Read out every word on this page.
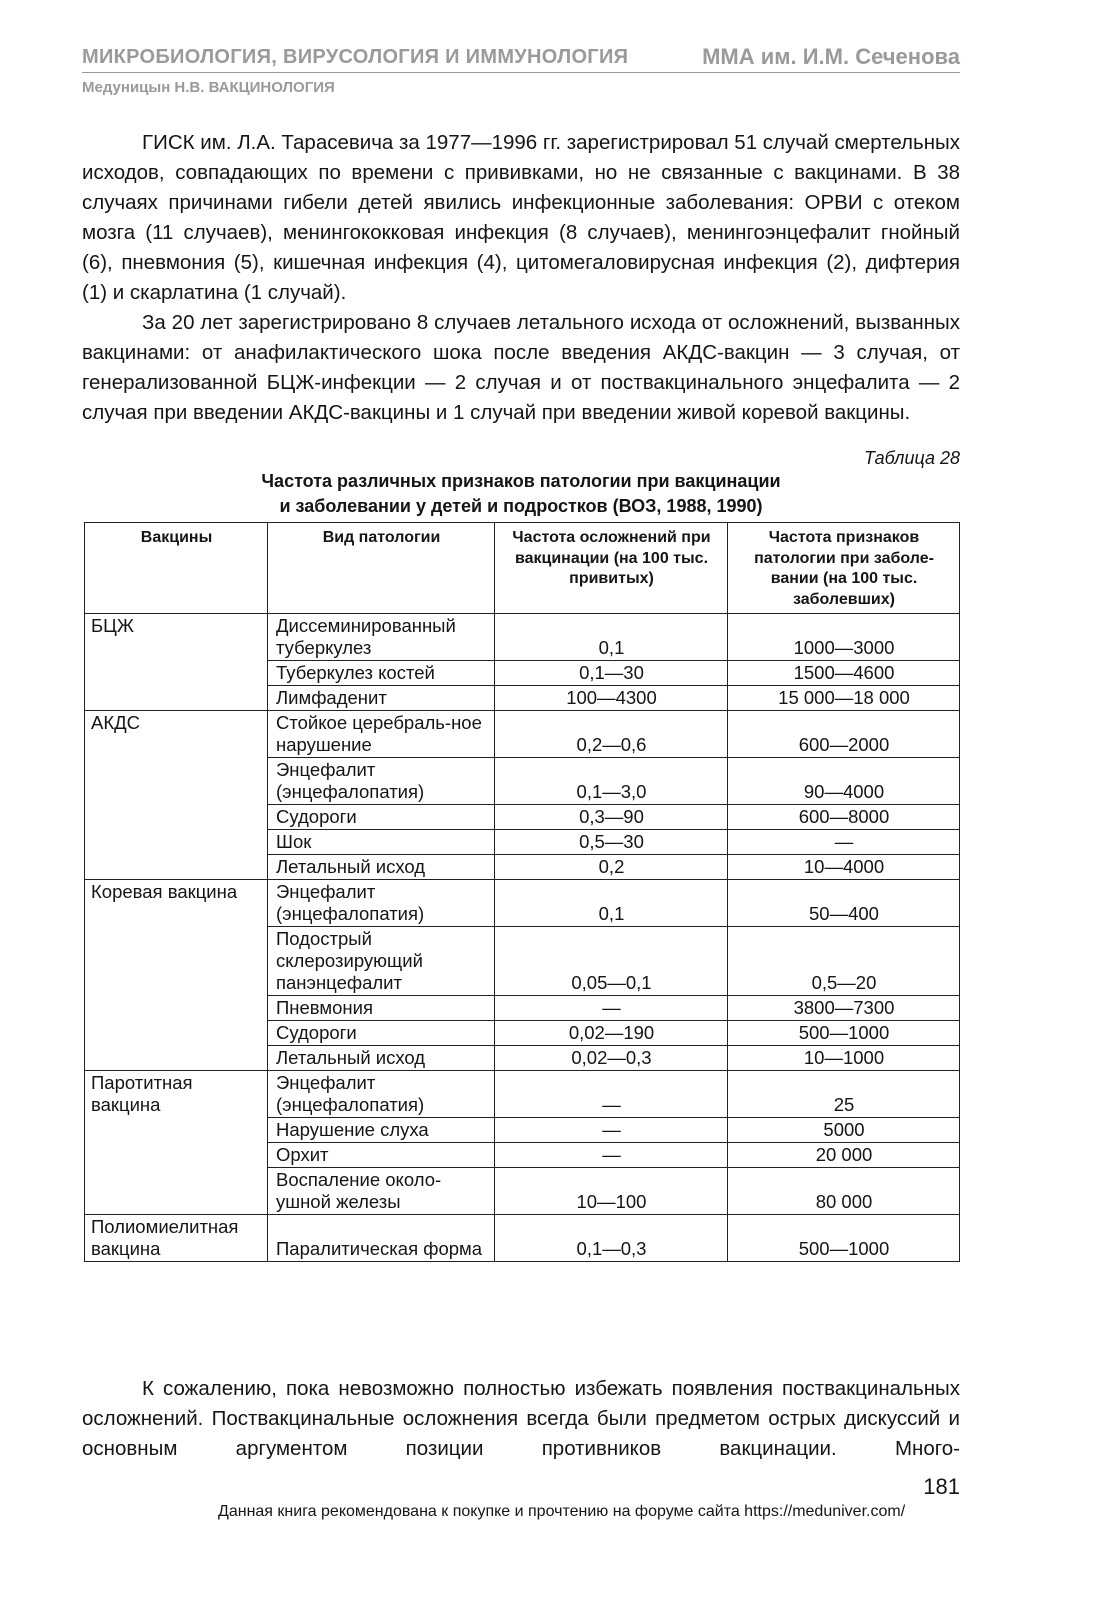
МИКРОБИОЛОГИЯ, ВИРУСОЛОГИЯ И ИММУНОЛОГИЯ	ММА им. И.М. Сеченова
Медуницын Н.В. ВАКЦИНОЛОГИЯ

ГИСК им. Л.А. Тарасевича за 1977—1996 гг. зарегистрировал 51 случай смертельных исходов, совпадающих по времени с прививками, но не связанные с вакцинами. В 38 случаях причинами гибели детей явились инфекционные заболевания: ОРВИ с отеком мозга (11 случаев), менингококковая инфекция (8 случаев), менингоэнцефалит гнойный (6), пневмония (5), кишечная инфекция (4), цитомегаловирусная инфекция (2), дифтерия (1) и скарлатина (1 случай).

За 20 лет зарегистрировано 8 случаев летального исхода от осложнений, вызванных вакцинами: от анафилактического шока после введения АКДС-вакцин — 3 случая, от генерализованной БЦЖ-инфекции — 2 случая и от поствакцинального энцефалита — 2 случая при введении АКДС-вакцины и 1 случай при введении живой коревой вакцины.

Таблица 28
Частота различных признаков патологии при вакцинации
и заболевании у детей и подростков (ВОЗ, 1988, 1990)
Вакцины	Вид патологии	Частота осложнений при вакцинации (на 100 тыс. привитых)	Частота признаков патологии при заболе-вании (на 100 тыс. заболевших)
БЦЖ	Диссеминированный туберкулез	0,1	1000—3000
	Туберкулез костей	0,1—30	1500—4600
	Лимфаденит	100—4300	15 000—18 000
АКДС	Стойкое церебраль-ное нарушение	0,2—0,6	600—2000
	Энцефалит (энцефалопатия)	0,1—3,0	90—4000
	Судороги	0,3—90	600—8000
	Шок	0,5—30	—
	Летальный исход	0,2	10—4000
Коревая вакцина	Энцефалит (энцефалопатия)	0,1	50—400
	Подострый склерозирующий панэнцефалит	0,05—0,1	0,5—20
	Пневмония	—	3800—7300
	Судороги	0,02—190	500—1000
	Летальный исход	0,02—0,3	10—1000
Паротитная вакцина	Энцефалит (энцефалопатия)	—	25
	Нарушение слуха	—	5000
	Орхит	—	20 000
	Воспаление около-ушной железы	10—100	80 000
Полиомиелитная вакцина	Паралитическая форма	0,1—0,3	500—1000

К сожалению, пока невозможно полностью избежать появления поствакцинальных осложнений. Поствакцинальные осложнения всегда были предметом острых дискуссий и основным аргументом позиции противников вакцинации. Много-

181
Данная книга рекомендована к покупке и прочтению на форуме сайта https://meduniver.com/
